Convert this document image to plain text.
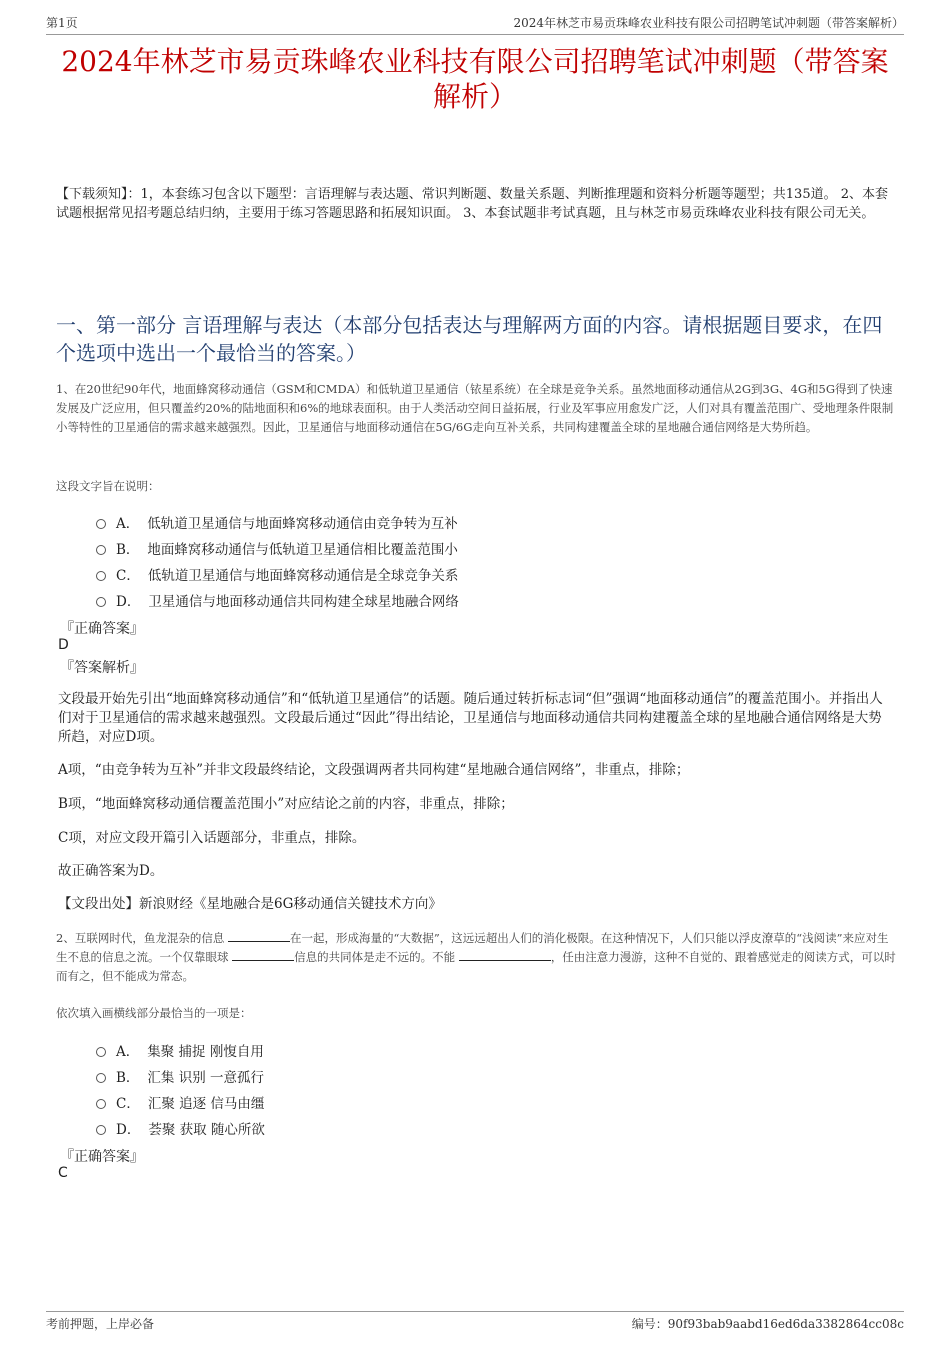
第1页	2024年林芝市易贡珠峰农业科技有限公司招聘笔试冲刺题（带答案解析）
2024年林芝市易贡珠峰农业科技有限公司招聘笔试冲刺题（带答案解析）
【下载须知】：1，本套练习包含以下题型：言语理解与表达题、常识判断题、数量关系题、判断推理题和资料分析题等题型；共135道。 2、本套试题根据常见招考题总结归纳，主要用于练习答题思路和拓展知识面。 3、本套试题非考试真题，且与林芝市易贡珠峰农业科技有限公司无关。
一、第一部分 言语理解与表达（本部分包括表达与理解两方面的内容。请根据题目要求，在四个选项中选出一个最恰当的答案。）
1、在20世纪90年代，地面蜂窝移动通信（GSM和CMDA）和低轨道卫星通信（铱星系统）在全球是竞争关系。虽然地面移动通信从2G到3G、4G和5G得到了快速发展及广泛应用，但只覆盖约20%的陆地面积和6%的地球表面积。由于人类活动空间日益拓展，行业及军事应用愈发广泛，人们对具有覆盖范围广、受地理条件限制小等特性的卫星通信的需求越来越强烈。因此，卫星通信与地面移动通信在5G/6G走向互补关系，共同构建覆盖全球的星地融合通信网络是大势所趋。
这段文字旨在说明：
A． 低轨道卫星通信与地面蜂窝移动通信由竞争转为互补
B． 地面蜂窝移动通信与低轨道卫星通信相比覆盖范围小
C． 低轨道卫星通信与地面蜂窝移动通信是全球竞争关系
D． 卫星通信与地面移动通信共同构建全球星地融合网络
『正确答案』
D
『答案解析』
文段最开始先引出“地面蜂窝移动通信”和“低轨道卫星通信”的话题。随后通过转折标志词“但”强调“地面移动通信”的覆盖范围小。并指出人们对于卫星通信的需求越来越强烈。文段最后通过“因此”得出结论，卫星通信与地面移动通信共同构建覆盖全球的星地融合通信网络是大势所趋，对应D项。
A项，“由竞争转为互补”并非文段最终结论，文段强调两者共同构建“星地融合通信网络”，非重点，排除；
B项，“地面蜂窝移动通信覆盖范围小”对应结论之前的内容，非重点，排除；
C项，对应文段开篇引入话题部分，非重点，排除。
故正确答案为D。
【文段出处】新浪财经《星地融合是6G移动通信关键技术方向》
2、互联网时代，鱼龙混杂的信息	在一起，形成海量的“大数据”，这远远超出人们的消化极限。在这种情况下，人们只能以浮皮潦草的“浅阅读”来应对生生不息的信息之流。一个仅靠眼球	信息的共同体是走不远的。不能	，任由注意力漫游，这种不自觉的、跟着感觉走的阅读方式，可以时而有之，但不能成为常态。
依次填入画横线部分最恰当的一项是：
A． 集聚 捕捉 刚愎自用
B． 汇集 识别 一意孤行
C． 汇聚 追逐 信马由缰
D． 荟聚 获取 随心所欲
『正确答案』
C
考前押题，上岸必备	编号：90f93bab9aabd16ed6da3382864cc08c
